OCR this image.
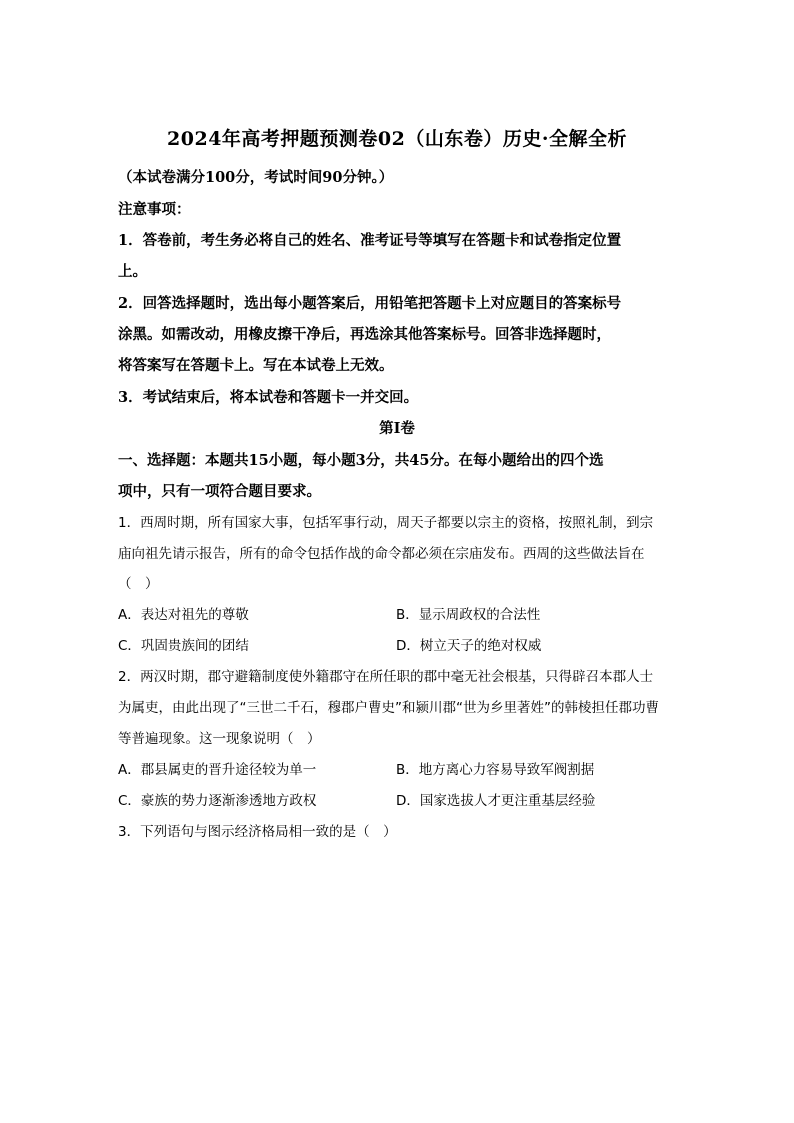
2024年高考押题预测卷02（山东卷）历史·全解全析
（本试卷满分100分，考试时间90分钟。）
注意事项：
1．答卷前，考生务必将自己的姓名、准考证号等填写在答题卡和试卷指定位置
上。
2．回答选择题时，选出每小题答案后，用铅笔把答题卡上对应题目的答案标号
涂黑。如需改动，用橡皮擦干净后，再选涂其他答案标号。回答非选择题时，
将答案写在答题卡上。写在本试卷上无效。
3．考试结束后，将本试卷和答题卡一并交回。
第Ⅰ卷
一、选择题：本题共15小题，每小题3分，共45分。在每小题给出的四个选
项中，只有一项符合题目要求。
1．西周时期，所有国家大事，包括军事行动，周天子都要以宗主的资格，按照礼制，到宗
庙向祖先请示报告，所有的命令包括作战的命令都必须在宗庙发布。西周的这些做法旨在
（　）
A．表达对祖先的尊敬	B．显示周政权的合法性
C．巩固贵族间的团结	D．树立天子的绝对权威
2．两汉时期，郡守避籍制度使外籍郡守在所任职的郡中毫无社会根基，只得辟召本郡人士
为属吏，由此出现了“三世二千石，穆郡户曹史”和颍川郡“世为乡里著姓”的韩棱担任郡功曹
等普遍现象。这一现象说明（　）
A．郡县属吏的晋升途径较为单一	B．地方离心力容易导致军阀割据
C．豪族的势力逐渐渗透地方政权	D．国家选拔人才更注重基层经验
3．下列语句与图示经济格局相一致的是（　）
